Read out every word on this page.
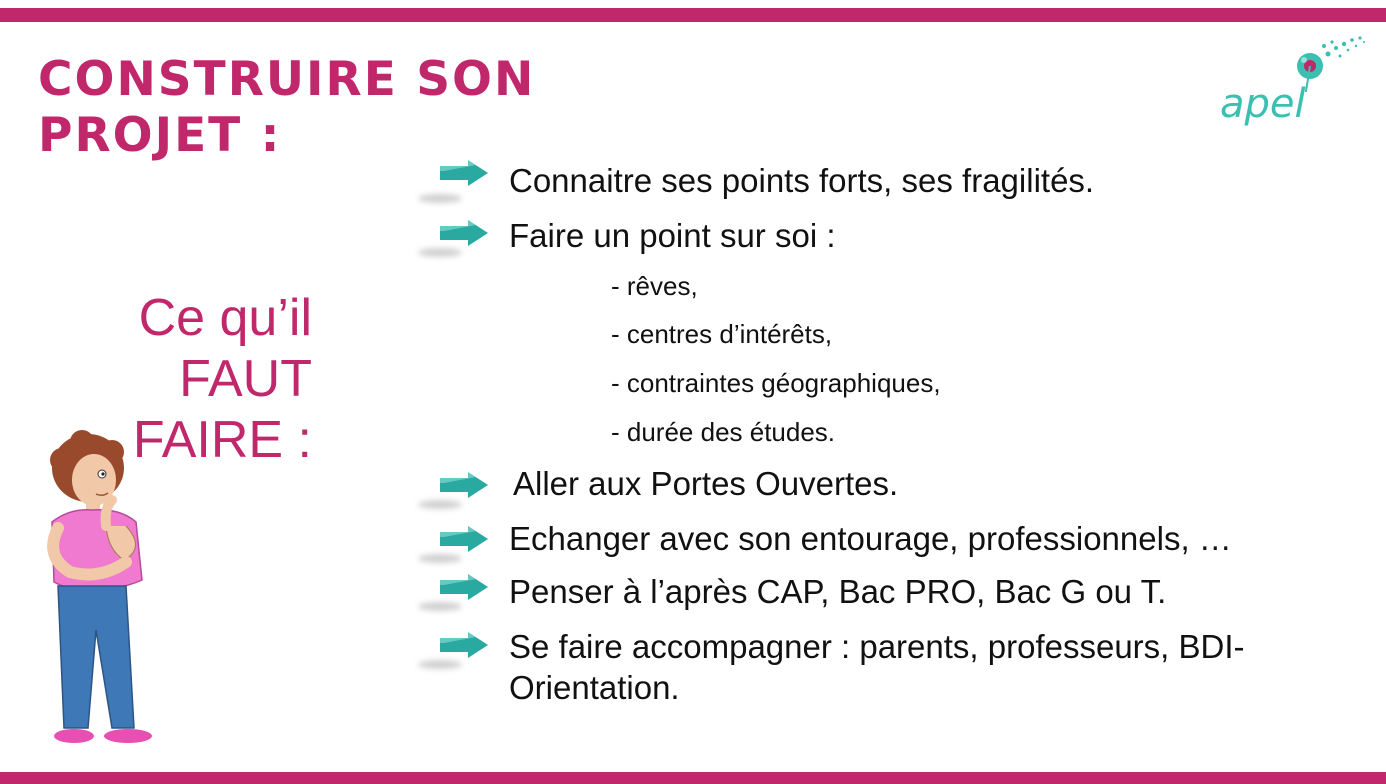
CONSTRUIRE SON
PROJET :
apel
Ce qu’il
FAUT
FAIRE :

Connaitre ses points forts, ses fragilités.

Faire un point sur soi :

- rêves,

- centres d’intérêts,

- contraintes géographiques,

- durée des études.

Aller aux Portes Ouvertes.

Echanger avec son entourage, professionnels, …

Penser à l’après CAP, Bac PRO, Bac G ou T.

Se faire accompagner : parents, professeurs, BDI-

Orientation.
